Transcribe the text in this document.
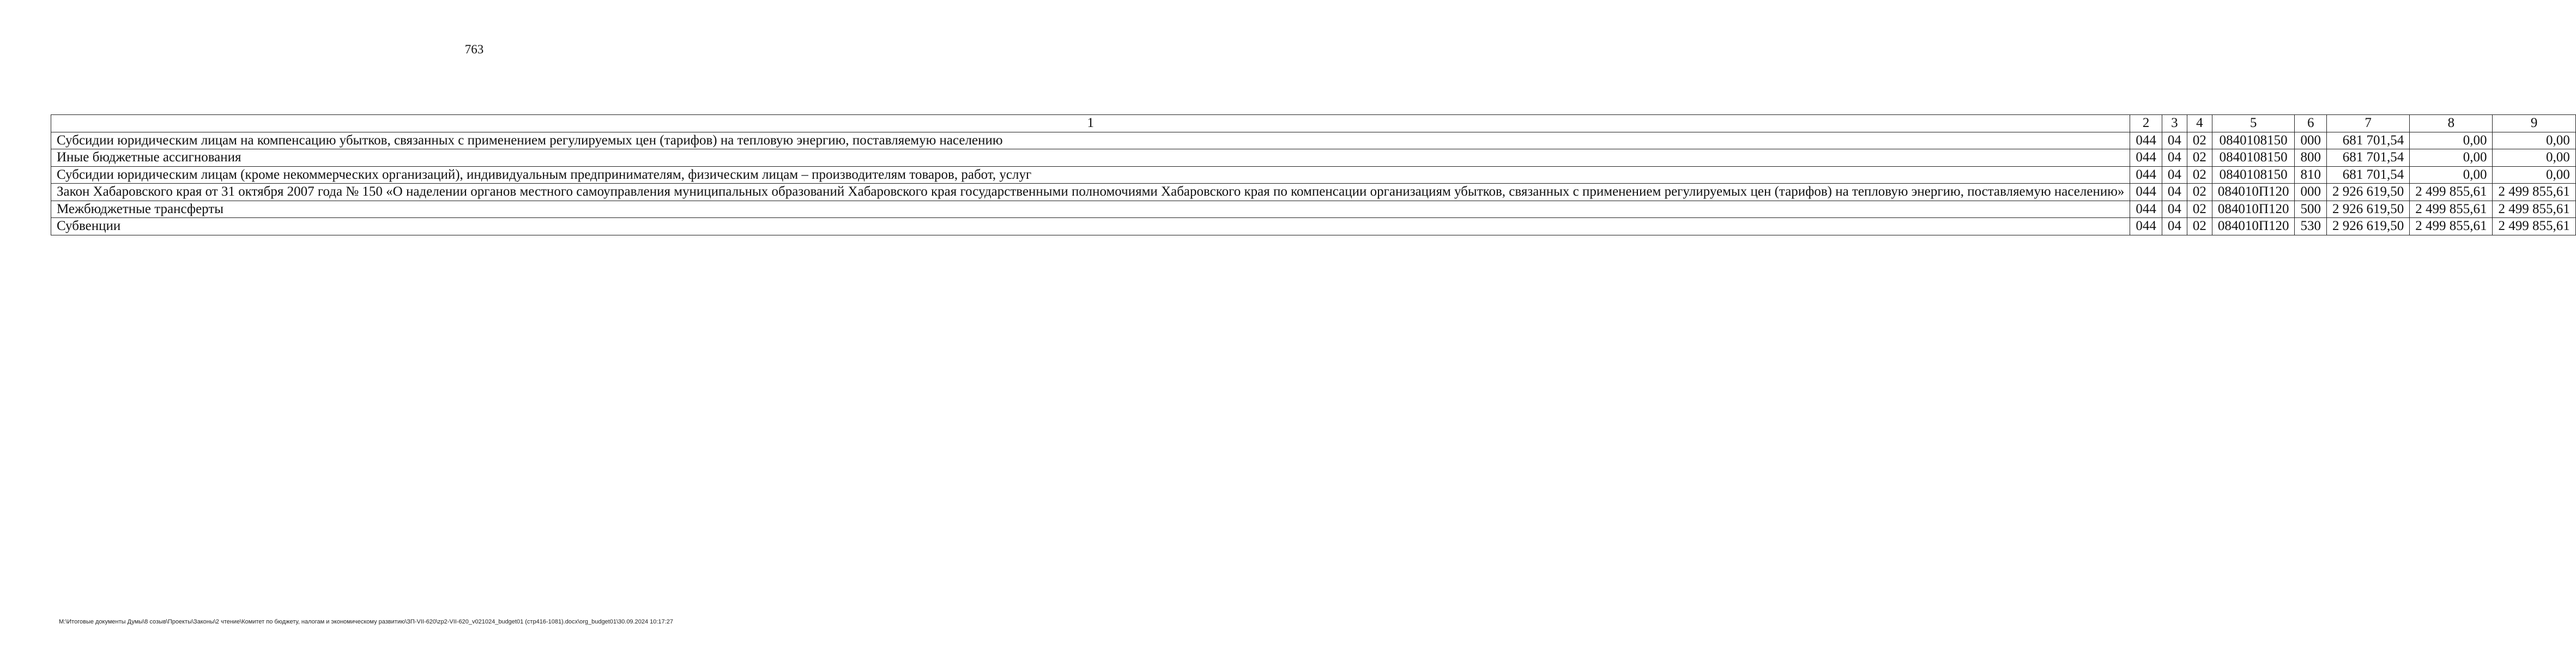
763
1	2	3	4	5	6	7	8	9
Субсидии юридическим лицам на компенсацию убытков, связанных с применением регулируемых цен (тарифов) на тепловую энергию, поставляемую населению	044	04	02	0840108150	000	681 701,54	0,00	0,00
Иные бюджетные ассигнования	044	04	02	0840108150	800	681 701,54	0,00	0,00
Субсидии юридическим лицам (кроме некоммерческих организаций), индивидуальным предпринимателям, физическим лицам – производителям товаров, работ, услуг	044	04	02	0840108150	810	681 701,54	0,00	0,00
Закон Хабаровского края от 31 октября 2007 года № 150 «О наделении органов местного самоуправления муниципальных образований Хабаровского края государственными полномочиями Хабаровского края по компенсации организациям убытков, связанных с применением регулируемых цен (тарифов) на тепловую энергию, поставляемую населению»	044	04	02	084010П120	000	2 926 619,50	2 499 855,61	2 499 855,61
Межбюджетные трансферты	044	04	02	084010П120	500	2 926 619,50	2 499 855,61	2 499 855,61
Субвенции	044	04	02	084010П120	530	2 926 619,50	2 499 855,61	2 499 855,61
М:\Итоговые документы Думы\8 созыв\Проекты\Законы\2 чтение\Комитет по бюджету, налогам и экономическому развитию\ЗП-VII-620\zp2-VII-620_v021024_budget01 (стр416-1081).docx\org_budget01\30.09.2024 10:17:27
